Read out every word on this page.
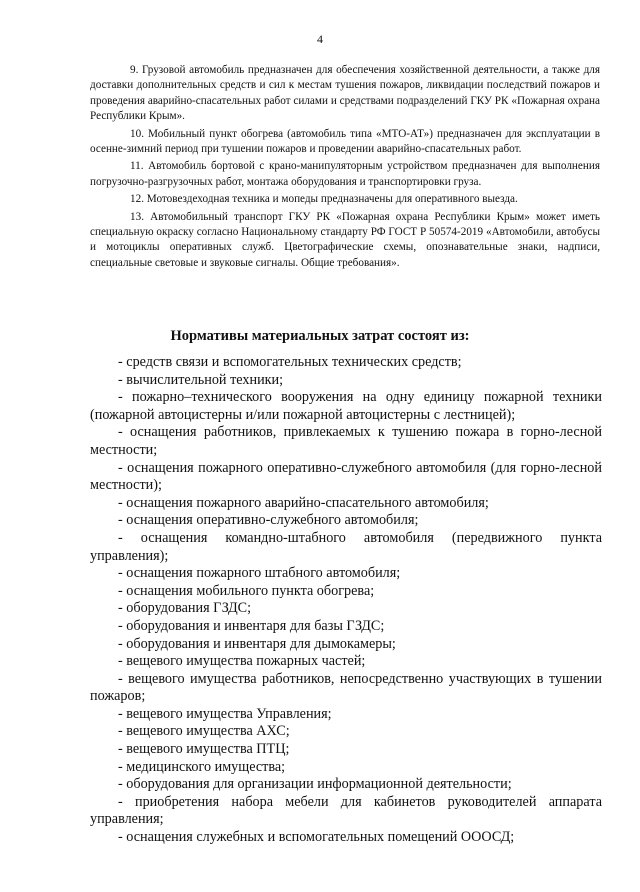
4

9. Грузовой автомобиль предназначен для обеспечения хозяйственной деятельности, а также для доставки дополнительных средств и сил к местам тушения пожаров, ликвидации последствий пожаров и проведения аварийно-спасательных работ силами и средствами подразделений ГКУ РК «Пожарная охрана Республики Крым».

10. Мобильный пункт обогрева (автомобиль типа «МТО-АТ») предназначен для эксплуатации в осенне-зимний период при тушении пожаров и проведении аварийно-спасательных работ.

11. Автомобиль бортовой с крано-манипуляторным устройством предназначен для выполнения погрузочно-разгрузочных работ, монтажа оборудования и транспортировки груза.

12. Мотовездеходная техника и мопеды предназначены для оперативного выезда.

13. Автомобильный транспорт ГКУ РК «Пожарная охрана Республики Крым» может иметь специальную окраску согласно Национальному стандарту РФ ГОСТ Р 50574-2019 «Автомобили, автобусы и мотоциклы оперативных служб. Цветографические схемы, опознавательные знаки, надписи, специальные световые и звуковые сигналы. Общие требования».

Нормативы материальных затрат состоят из:
- средств связи и вспомогательных технических средств;
- вычислительной техники;
- пожарно–технического вооружения на одну единицу пожарной техники (пожарной автоцистерны и/или пожарной автоцистерны с лестницей);
- оснащения работников, привлекаемых к тушению пожара в горно-лесной местности;
- оснащения пожарного оперативно-служебного автомобиля (для горно-лесной местности);
- оснащения пожарного аварийно-спасательного автомобиля;
- оснащения оперативно-служебного автомобиля;
- оснащения командно-штабного автомобиля (передвижного пункта управления);
- оснащения пожарного штабного автомобиля;
- оснащения мобильного пункта обогрева;
- оборудования ГЗДС;
- оборудования и инвентаря для базы ГЗДС;
- оборудования и инвентаря для дымокамеры;
- вещевого имущества пожарных частей;
- вещевого имущества работников, непосредственно участвующих в тушении пожаров;
- вещевого имущества Управления;
- вещевого имущества АХС;
- вещевого имущества ПТЦ;
- медицинского имущества;
- оборудования для организации информационной деятельности;
- приобретения набора мебели для кабинетов руководителей аппарата управления;
- оснащения служебных и вспомогательных помещений ОООСД;
